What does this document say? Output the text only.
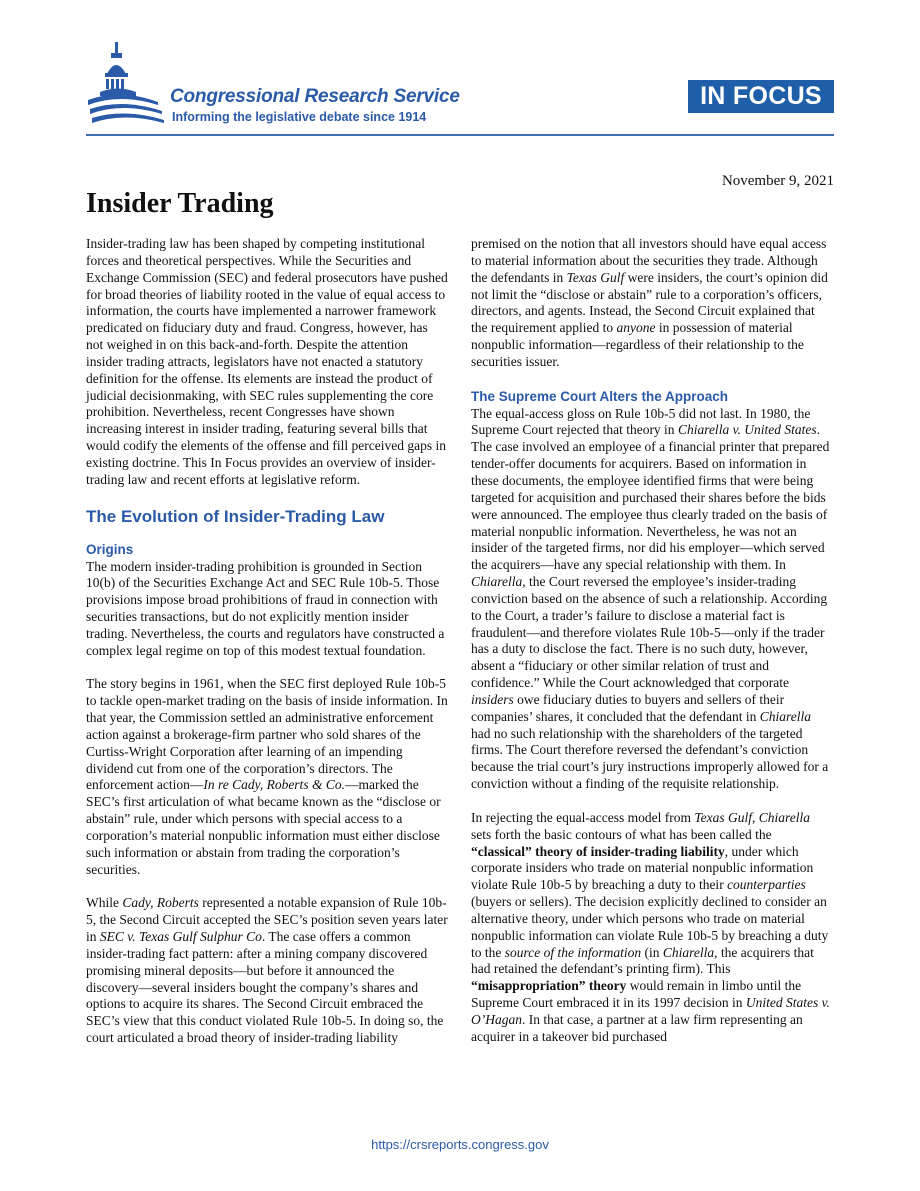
Congressional Research Service
Informing the legislative debate since 1914
IN FOCUS
November 9, 2021
Insider Trading

Insider-trading law has been shaped by competing institutional forces and theoretical perspectives. While the Securities and Exchange Commission (SEC) and federal prosecutors have pushed for broad theories of liability rooted in the value of equal access to information, the courts have implemented a narrower framework predicated on fiduciary duty and fraud. Congress, however, has not weighed in on this back-and-forth. Despite the attention insider trading attracts, legislators have not enacted a statutory definition for the offense. Its elements are instead the product of judicial decisionmaking, with SEC rules supplementing the core prohibition. Nevertheless, recent Congresses have shown increasing interest in insider trading, featuring several bills that would codify the elements of the offense and fill perceived gaps in existing doctrine. This In Focus provides an overview of insider-trading law and recent efforts at legislative reform.

The Evolution of Insider-Trading Law
Origins

The modern insider-trading prohibition is grounded in Section 10(b) of the Securities Exchange Act and SEC Rule 10b-5. Those provisions impose broad prohibitions of fraud in connection with securities transactions, but do not explicitly mention insider trading. Nevertheless, the courts and regulators have constructed a complex legal regime on top of this modest textual foundation.

The story begins in 1961, when the SEC first deployed Rule 10b-5 to tackle open-market trading on the basis of inside information. In that year, the Commission settled an administrative enforcement action against a brokerage-firm partner who sold shares of the Curtiss-Wright Corporation after learning of an impending dividend cut from one of the corporation’s directors. The enforcement action—In re Cady, Roberts & Co.—marked the SEC’s first articulation of what became known as the “disclose or abstain” rule, under which persons with special access to a corporation’s material nonpublic information must either disclose such information or abstain from trading the corporation’s securities.

While Cady, Roberts represented a notable expansion of Rule 10b-5, the Second Circuit accepted the SEC’s position seven years later in SEC v. Texas Gulf Sulphur Co. The case offers a common insider-trading fact pattern: after a mining company discovered promising mineral deposits—but before it announced the discovery—several insiders bought the company’s shares and options to acquire its shares. The Second Circuit embraced the SEC’s view that this conduct violated Rule 10b-5. In doing so, the court articulated a broad theory of insider-trading liability

premised on the notion that all investors should have equal access to material information about the securities they trade. Although the defendants in Texas Gulf were insiders, the court’s opinion did not limit the “disclose or abstain” rule to a corporation’s officers, directors, and agents. Instead, the Second Circuit explained that the requirement applied to anyone in possession of material nonpublic information—regardless of their relationship to the securities issuer.

The Supreme Court Alters the Approach

The equal-access gloss on Rule 10b-5 did not last. In 1980, the Supreme Court rejected that theory in Chiarella v. United States. The case involved an employee of a financial printer that prepared tender-offer documents for acquirers. Based on information in these documents, the employee identified firms that were being targeted for acquisition and purchased their shares before the bids were announced. The employee thus clearly traded on the basis of material nonpublic information. Nevertheless, he was not an insider of the targeted firms, nor did his employer—which served the acquirers—have any special relationship with them. In Chiarella, the Court reversed the employee’s insider-trading conviction based on the absence of such a relationship. According to the Court, a trader’s failure to disclose a material fact is fraudulent—and therefore violates Rule 10b-5—only if the trader has a duty to disclose the fact. There is no such duty, however, absent a “fiduciary or other similar relation of trust and confidence.” While the Court acknowledged that corporate insiders owe fiduciary duties to buyers and sellers of their companies’ shares, it concluded that the defendant in Chiarella had no such relationship with the shareholders of the targeted firms. The Court therefore reversed the defendant’s conviction because the trial court’s jury instructions improperly allowed for a conviction without a finding of the requisite relationship.

In rejecting the equal-access model from Texas Gulf, Chiarella sets forth the basic contours of what has been called the “classical” theory of insider-trading liability, under which corporate insiders who trade on material nonpublic information violate Rule 10b-5 by breaching a duty to their counterparties (buyers or sellers). The decision explicitly declined to consider an alternative theory, under which persons who trade on material nonpublic information can violate Rule 10b-5 by breaching a duty to the source of the information (in Chiarella, the acquirers that had retained the defendant’s printing firm). This “misappropriation” theory would remain in limbo until the Supreme Court embraced it in its 1997 decision in United States v. O’Hagan. In that case, a partner at a law firm representing an acquirer in a takeover bid purchased

https://crsreports.congress.gov
